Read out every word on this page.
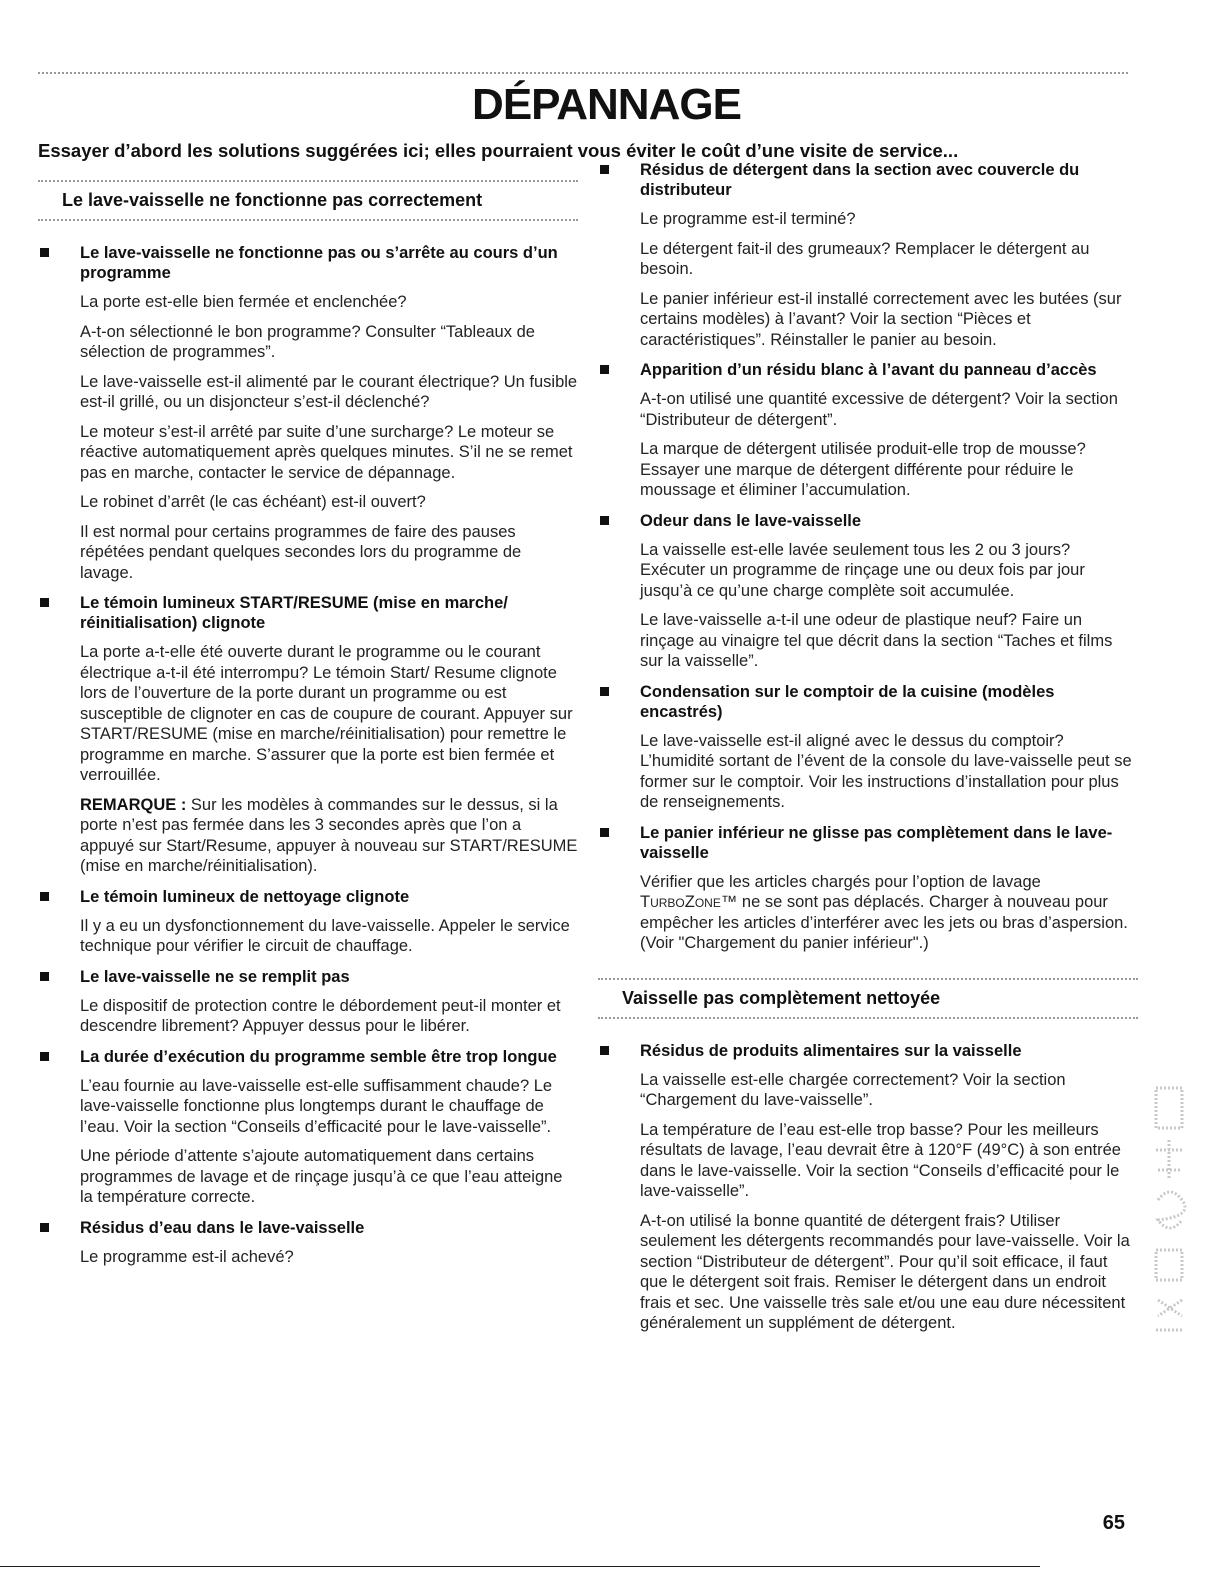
DÉPANNAGE
Essayer d’abord les solutions suggérées ici; elles pourraient vous éviter le coût d’une visite de service...
Le lave-vaisselle ne fonctionne pas correctement
Le lave-vaisselle ne fonctionne pas ou s’arrête au cours d’un programme

La porte est-elle bien fermée et enclenchée?

A-t-on sélectionné le bon programme? Consulter “Tableaux de sélection de programmes”.

Le lave-vaisselle est-il alimenté par le courant électrique? Un fusible est-il grillé, ou un disjoncteur s’est-il déclenché?

Le moteur s’est-il arrêté par suite d’une surcharge? Le moteur se réactive automatiquement après quelques minutes. S’il ne se remet pas en marche, contacter le service de dépannage.

Le robinet d’arrêt (le cas échéant) est-il ouvert?

Il est normal pour certains programmes de faire des pauses répétées pendant quelques secondes lors du programme de lavage.

Le témoin lumineux START/RESUME (mise en marche/ réinitialisation) clignote

La porte a-t-elle été ouverte durant le programme ou le courant électrique a-t-il été interrompu? Le témoin Start/ Resume clignote lors de l’ouverture de la porte durant un programme ou est susceptible de clignoter en cas de coupure de courant. Appuyer sur START/RESUME (mise en marche/réinitialisation) pour remettre le programme en marche. S’assurer que la porte est bien fermée et verrouillée.

REMARQUE : Sur les modèles à commandes sur le dessus, si la porte n’est pas fermée dans les 3 secondes après que l’on a appuyé sur Start/Resume, appuyer à nouveau sur START/RESUME (mise en marche/réinitialisation).

Le témoin lumineux de nettoyage clignote

Il y a eu un dysfonctionnement du lave-vaisselle. Appeler le service technique pour vérifier le circuit de chauffage.

Le lave-vaisselle ne se remplit pas

Le dispositif de protection contre le débordement peut-il monter et descendre librement? Appuyer dessus pour le libérer.

La durée d’exécution du programme semble être trop longue

L’eau fournie au lave-vaisselle est-elle suffisamment chaude? Le lave-vaisselle fonctionne plus longtemps durant le chauffage de l’eau. Voir la section “Conseils d’efficacité pour le lave-vaisselle”.

Une période d’attente s’ajoute automatiquement dans certains programmes de lavage et de rinçage jusqu’à ce que l’eau atteigne la température correcte.

Résidus d’eau dans le lave-vaisselle

Le programme est-il achevé?

Résidus de détergent dans la section avec couvercle du distributeur

Le programme est-il terminé?

Le détergent fait-il des grumeaux? Remplacer le détergent au besoin.

Le panier inférieur est-il installé correctement avec les butées (sur certains modèles) à l’avant? Voir la section “Pièces et caractéristiques”. Réinstaller le panier au besoin.

Apparition d’un résidu blanc à l’avant du panneau d’accès

A-t-on utilisé une quantité excessive de détergent? Voir la section “Distributeur de détergent”.

La marque de détergent utilisée produit-elle trop de mousse? Essayer une marque de détergent différente pour réduire le moussage et éliminer l’accumulation.

Odeur dans le lave-vaisselle

La vaisselle est-elle lavée seulement tous les 2 ou 3 jours? Exécuter un programme de rinçage une ou deux fois par jour jusqu’à ce qu’une charge complète soit accumulée.

Le lave-vaisselle a-t-il une odeur de plastique neuf? Faire un rinçage au vinaigre tel que décrit dans la section “Taches et films sur la vaisselle”.

Condensation sur le comptoir de la cuisine (modèles encastrés)

Le lave-vaisselle est-il aligné avec le dessus du comptoir? L’humidité sortant de l’évent de la console du lave-vaisselle peut se former sur le comptoir. Voir les instructions d’installation pour plus de renseignements.

Le panier inférieur ne glisse pas complètement dans le lave-vaisselle

Vérifier que les articles chargés pour l’option de lavage TurboZone™ ne se sont pas déplacés. Charger à nouveau pour empêcher les articles d’interférer avec les jets ou bras d’aspersion. (Voir "Chargement du panier inférieur".)

Vaisselle pas complètement nettoyée
Résidus de produits alimentaires sur la vaisselle

La vaisselle est-elle chargée correctement? Voir la section “Chargement du lave-vaisselle”.

La température de l’eau est-elle trop basse? Pour les meilleurs résultats de lavage, l’eau devrait être à 120°F (49°C) à son entrée dans le lave-vaisselle. Voir la section “Conseils d’efficacité pour le lave-vaisselle”.

A-t-on utilisé la bonne quantité de détergent frais? Utiliser seulement les détergents recommandés pour lave-vaisselle. Voir la section “Distributeur de détergent”. Pour qu’il soit efficace, il faut que le détergent soit frais. Remiser le détergent dans un endroit frais et sec. Une vaisselle très sale et/ou une eau dure nécessitent généralement un supplément de détergent.

65
